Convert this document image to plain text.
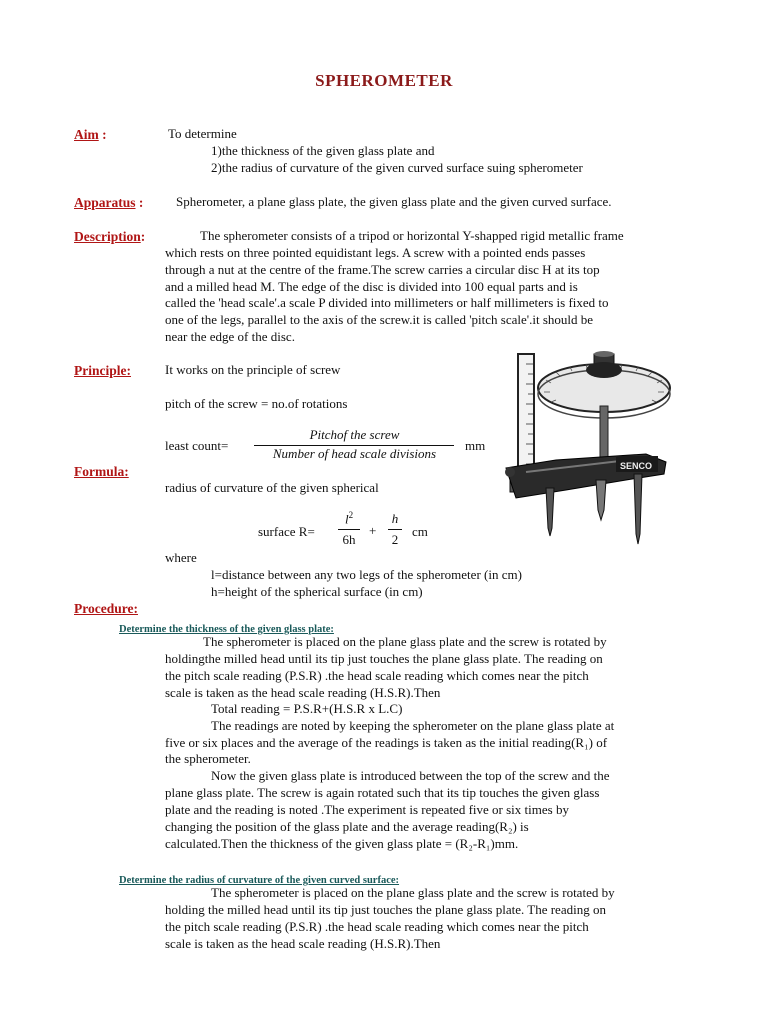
SPHEROMETER
Aim :	To determine
1)the thickness of the given glass plate and
2)the radius of curvature of the given curved surface suing spherometer
Apparatus :	Spherometer, a plane glass plate, the given glass plate and the given curved surface.
Description:	The spherometer consists of a tripod or horizontal Y-shapped rigid metallic frame
which rests on three pointed equidistant legs. A screw with a pointed ends passes
through a nut at the centre of the frame.The screw carries a circular disc H at its top
and a milled head M. The edge of the disc is divided into 100 equal parts and is
called the 'head scale'.a scale P divided into millimeters or half millimeters is fixed to
one of the legs, parallel to the axis of the screw.it is called 'pitch scale'.it should be
near the edge of the disc.
Principle:	It works on the principle of screw
pitch of the screw = no.of rotations
least count=
Pitchof the screw
Number of head scale divisions
mm
Formula:
radius of curvature of the given spherical
surface R=
$l^2$
6h
+
h
2
cm
where
l=distance between any two legs of the spherometer (in cm)
h=height of the spherical surface (in cm)
Procedure:
Determine the thickness of the given glass plate:
The spherometer is placed on the plane glass plate and the screw is rotated by
holdingthe milled head until its tip just touches the plane glass plate. The reading on
the pitch scale reading (P.S.R) .the head scale reading which comes near the pitch
scale is taken as the head scale reading (H.S.R).Then
Total reading = P.S.R+(H.S.R x L.C)
The readings are noted by keeping the spherometer on the plane glass plate at
five or six places and the average of the readings is taken as the initial reading(R₁) of
the spherometer.
Now the given glass plate is introduced between the top of the screw and the
plane glass plate. The screw is again rotated such that its tip touches the given glass
plate and the reading is noted .The experiment is repeated five or six times by
changing the position of the glass plate and the average reading(R₂) is
calculated.Then the thickness of the given glass plate = (R₂-R₁)mm.
Determine the radius of curvature of the given curved surface:
The spherometer is placed on the plane glass plate and the screw is rotated by
holding the milled head until its tip just touches the plane glass plate. The reading on
the pitch scale reading (P.S.R) .the head scale reading which comes near the pitch
scale is taken as the head scale reading (H.S.R).Then
SENCO
